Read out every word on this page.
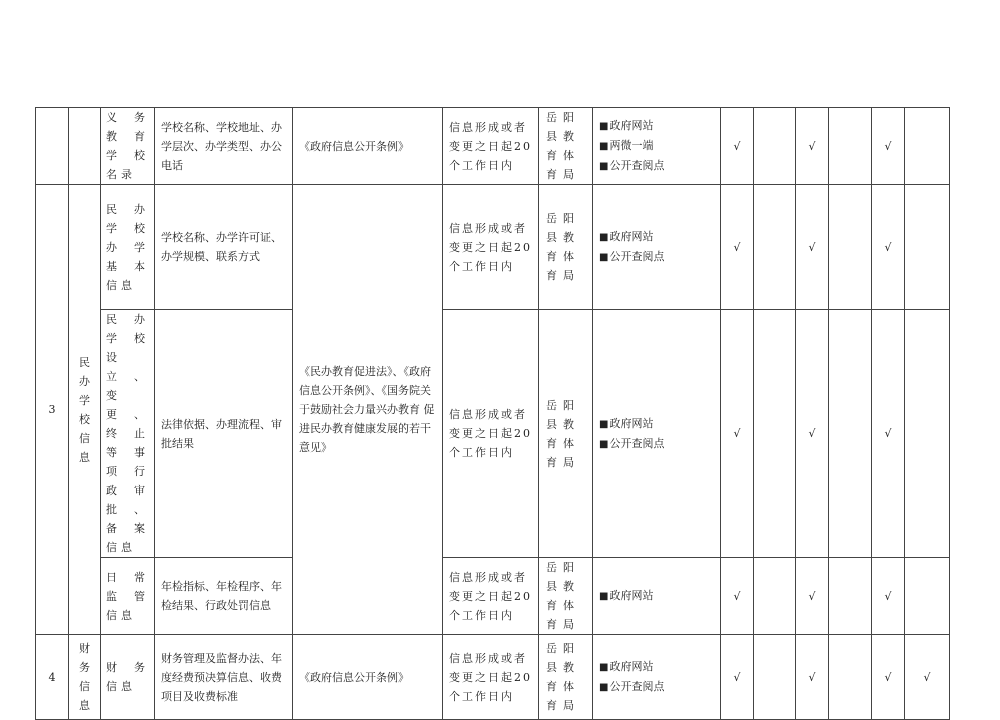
		义务教育学校名录	学校名称、学校地址、办学层次、办学类型、办公电话	《政府信息公开条例》	信息形成或者变更之日起20个工作日内	岳阳县教育体育局	■政府网站
■两微一端
■公开查阅点	√		√		√	
3	民办学校信息	民办学校办学基本信息	学校名称、办学许可证、办学规模、联系方式	《民办教育促进法》、《政府信息公开条例》、《国务院关于鼓励社会力量兴办教育 促进民办教育健康发展的若干意见》	信息形成或者变更之日起20个工作日内	岳阳县教育体育局	■政府网站
■公开查阅点	√		√		√	
		民办学校设立、变更、终止等事项行政审批、备案信息	法律依据、办理流程、审批结果		信息形成或者变更之日起20个工作日内	岳阳县教育体育局	■政府网站
■公开查阅点	√		√		√	
		日常监管信息	年检指标、年检程序、年检结果、行政处罚信息		信息形成或者变更之日起20个工作日内	岳阳县教育体育局	■政府网站	√		√		√	
4	财务信息	财务信息	财务管理及监督办法、年度经费预决算信息、收费项目及收费标准	《政府信息公开条例》	信息形成或者变更之日起20个工作日内	岳阳县教育体育局	■政府网站
■公开查阅点	√		√		√	√
